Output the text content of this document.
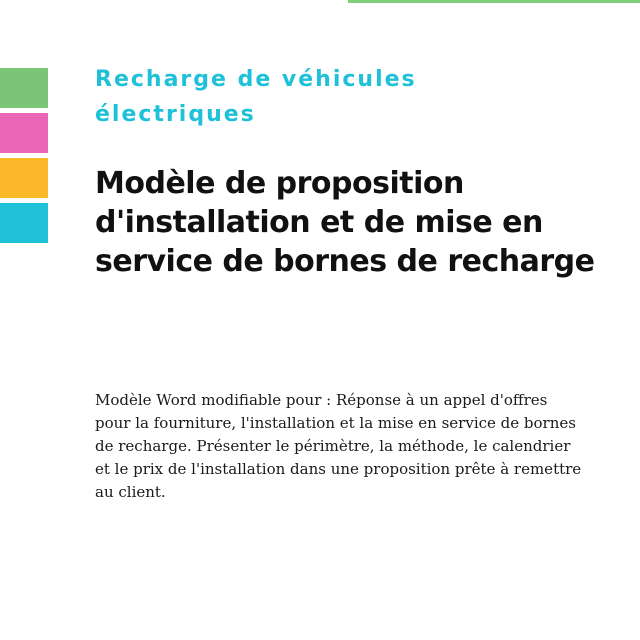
Recharge de véhicules électriques

Modèle de proposition d'installation et de mise en service de bornes de recharge

Modèle Word modifiable pour : Réponse à un appel d'offres pour la fourniture, l'installation et la mise en service de bornes de recharge. Présenter le périmètre, la méthode, le calendrier et le prix de l'installation dans une proposition prête à remettre au client.
